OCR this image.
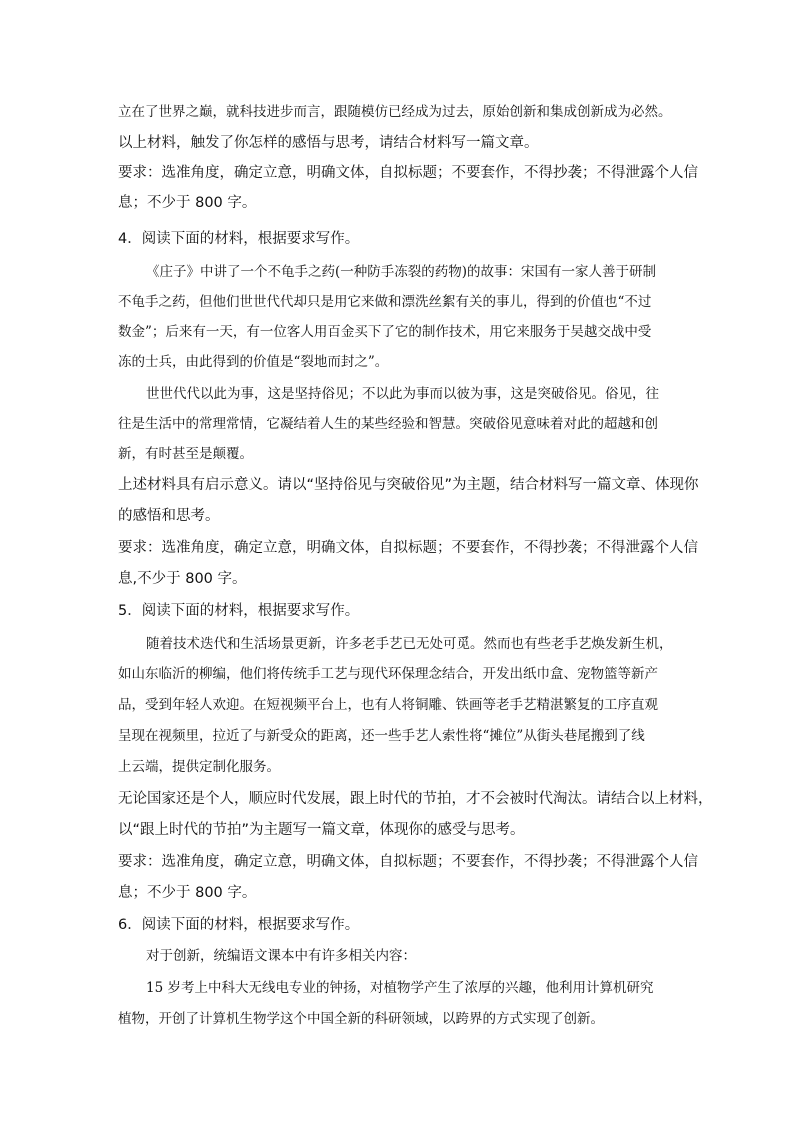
立在了世界之巅，就科技进步而言，跟随模仿已经成为过去，原始创新和集成创新成为必然。
以上材料，触发了你怎样的感悟与思考，请结合材料写一篇文章。
要求：选准角度，确定立意，明确文体，自拟标题；不要套作，不得抄袭；不得泄露个人信
息；不少于 800 字。
4．阅读下面的材料，根据要求写作。
《庄子》中讲了一个不龟手之药(一种防手冻裂的药物)的故事：宋国有一家人善于研制
不龟手之药，但他们世世代代却只是用它来做和漂洗丝絮有关的事儿，得到的价值也“不过
数金”；后来有一天，有一位客人用百金买下了它的制作技术，用它来服务于吴越交战中受
冻的士兵，由此得到的价值是“裂地而封之”。
世世代代以此为事，这是坚持俗见；不以此为事而以彼为事，这是突破俗见。俗见，往
往是生活中的常理常情，它凝结着人生的某些经验和智慧。突破俗见意味着对此的超越和创
新，有时甚至是颠覆。
上述材料具有启示意义。请以“坚持俗见与突破俗见”为主题，结合材料写一篇文章、体现你
的感悟和思考。
要求：选准角度，确定立意，明确文体，自拟标题；不要套作，不得抄袭；不得泄露个人信
息,不少于 800 字。
5．阅读下面的材料，根据要求写作。
随着技术迭代和生活场景更新，许多老手艺已无处可觅。然而也有些老手艺焕发新生机，
如山东临沂的柳编，他们将传统手工艺与现代环保理念结合，开发出纸巾盒、宠物篮等新产
品，受到年轻人欢迎。在短视频平台上，也有人将铜雕、铁画等老手艺精湛繁复的工序直观
呈现在视频里，拉近了与新受众的距离，还一些手艺人索性将“摊位”从街头巷尾搬到了线
上云端，提供定制化服务。
无论国家还是个人，顺应时代发展，跟上时代的节拍，才不会被时代淘汰。请结合以上材料，
以“跟上时代的节拍”为主题写一篇文章，体现你的感受与思考。
要求：选准角度，确定立意，明确文体，自拟标题；不要套作，不得抄袭；不得泄露个人信
息；不少于 800 字。
6．阅读下面的材料，根据要求写作。
对于创新，统编语文课本中有许多相关内容：
15 岁考上中科大无线电专业的钟扬，对植物学产生了浓厚的兴趣，他利用计算机研究
植物，开创了计算机生物学这个中国全新的科研领域，以跨界的方式实现了创新。
